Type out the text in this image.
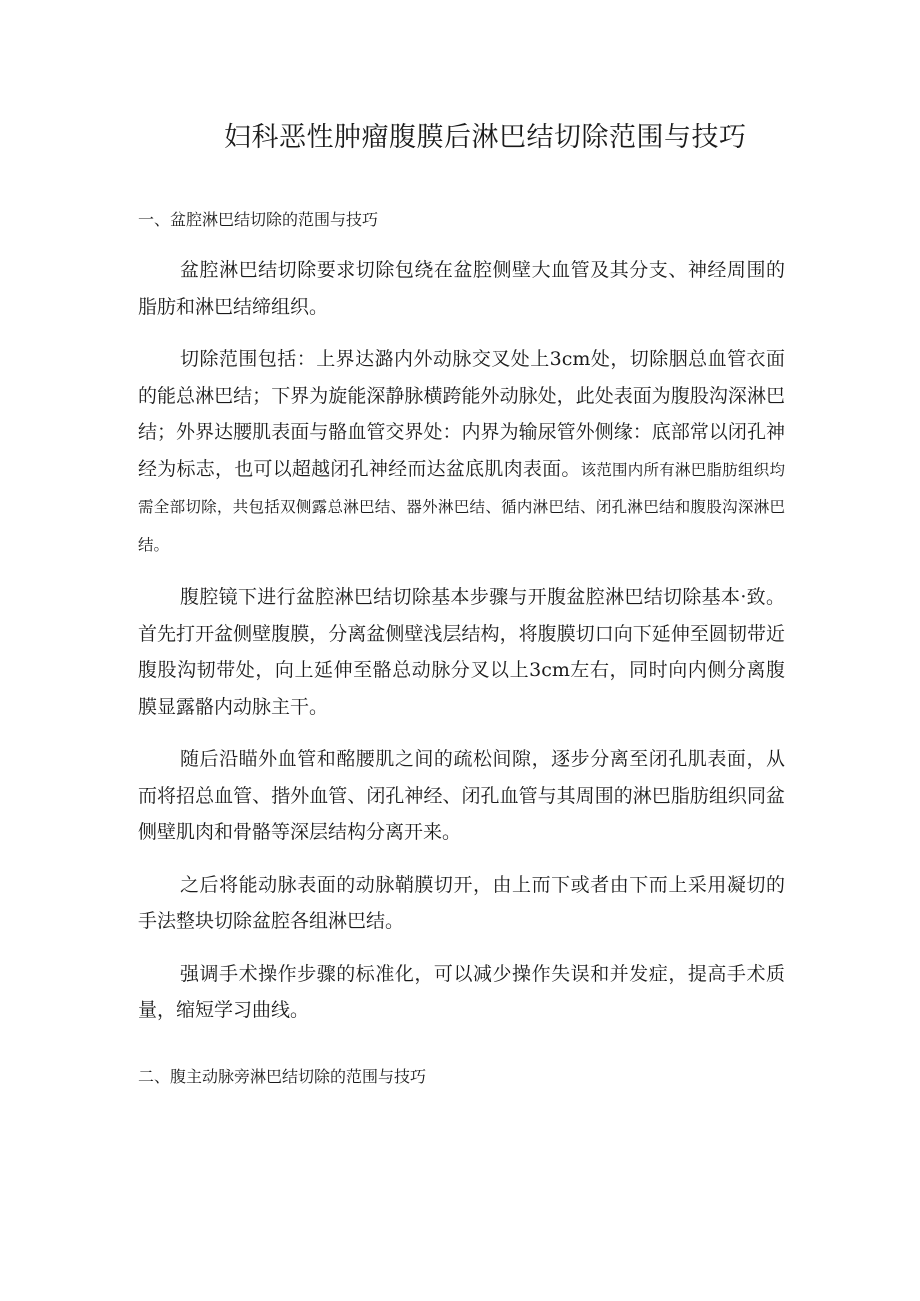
妇科恶性肿瘤腹膜后淋巴结切除范围与技巧
一、盆腔淋巴结切除的范围与技巧

盆腔淋巴结切除要求切除包绕在盆腔侧壁大血管及其分支、神经周围的脂肪和淋巴结缔组织。

切除范围包括：上界达潞内外动脉交叉处上3cm处，切除胭总血管衣面的能总淋巴结；下界为旋能深静脉横跨能外动脉处，此处表面为腹股沟深淋巴结；外界达腰肌表面与骼血管交界处：内界为输尿管外侧缘：底部常以闭孔神经为标志，也可以超越闭孔神经而达盆底肌肉表面。该范围内所有淋巴脂肪组织均需全部切除，共包括双侧露总淋巴结、器外淋巴结、循内淋巴结、闭孔淋巴结和腹股沟深淋巴结。

腹腔镜下进行盆腔淋巴结切除基本步骤与开腹盆腔淋巴结切除基本·致。首先打开盆侧壁腹膜，分离盆侧壁浅层结构，将腹膜切口向下延伸至圆韧带近腹股沟韧带处，向上延伸至骼总动脉分叉以上3cm左右，同时向内侧分离腹膜显露骼内动脉主干。

随后沿瞄外血管和酩腰肌之间的疏松间隙，逐步分离至闭孔肌表面，从而将招总血管、揩外血管、闭孔神经、闭孔血管与其周围的淋巴脂肪组织同盆侧壁肌肉和骨骼等深层结构分离开来。

之后将能动脉表面的动脉鞘膜切开，由上而下或者由下而上采用凝切的手法整块切除盆腔各组淋巴结。

强调手术操作步骤的标准化，可以减少操作失误和并发症，提高手术质量，缩短学习曲线。

二、腹主动脉旁淋巴结切除的范围与技巧
